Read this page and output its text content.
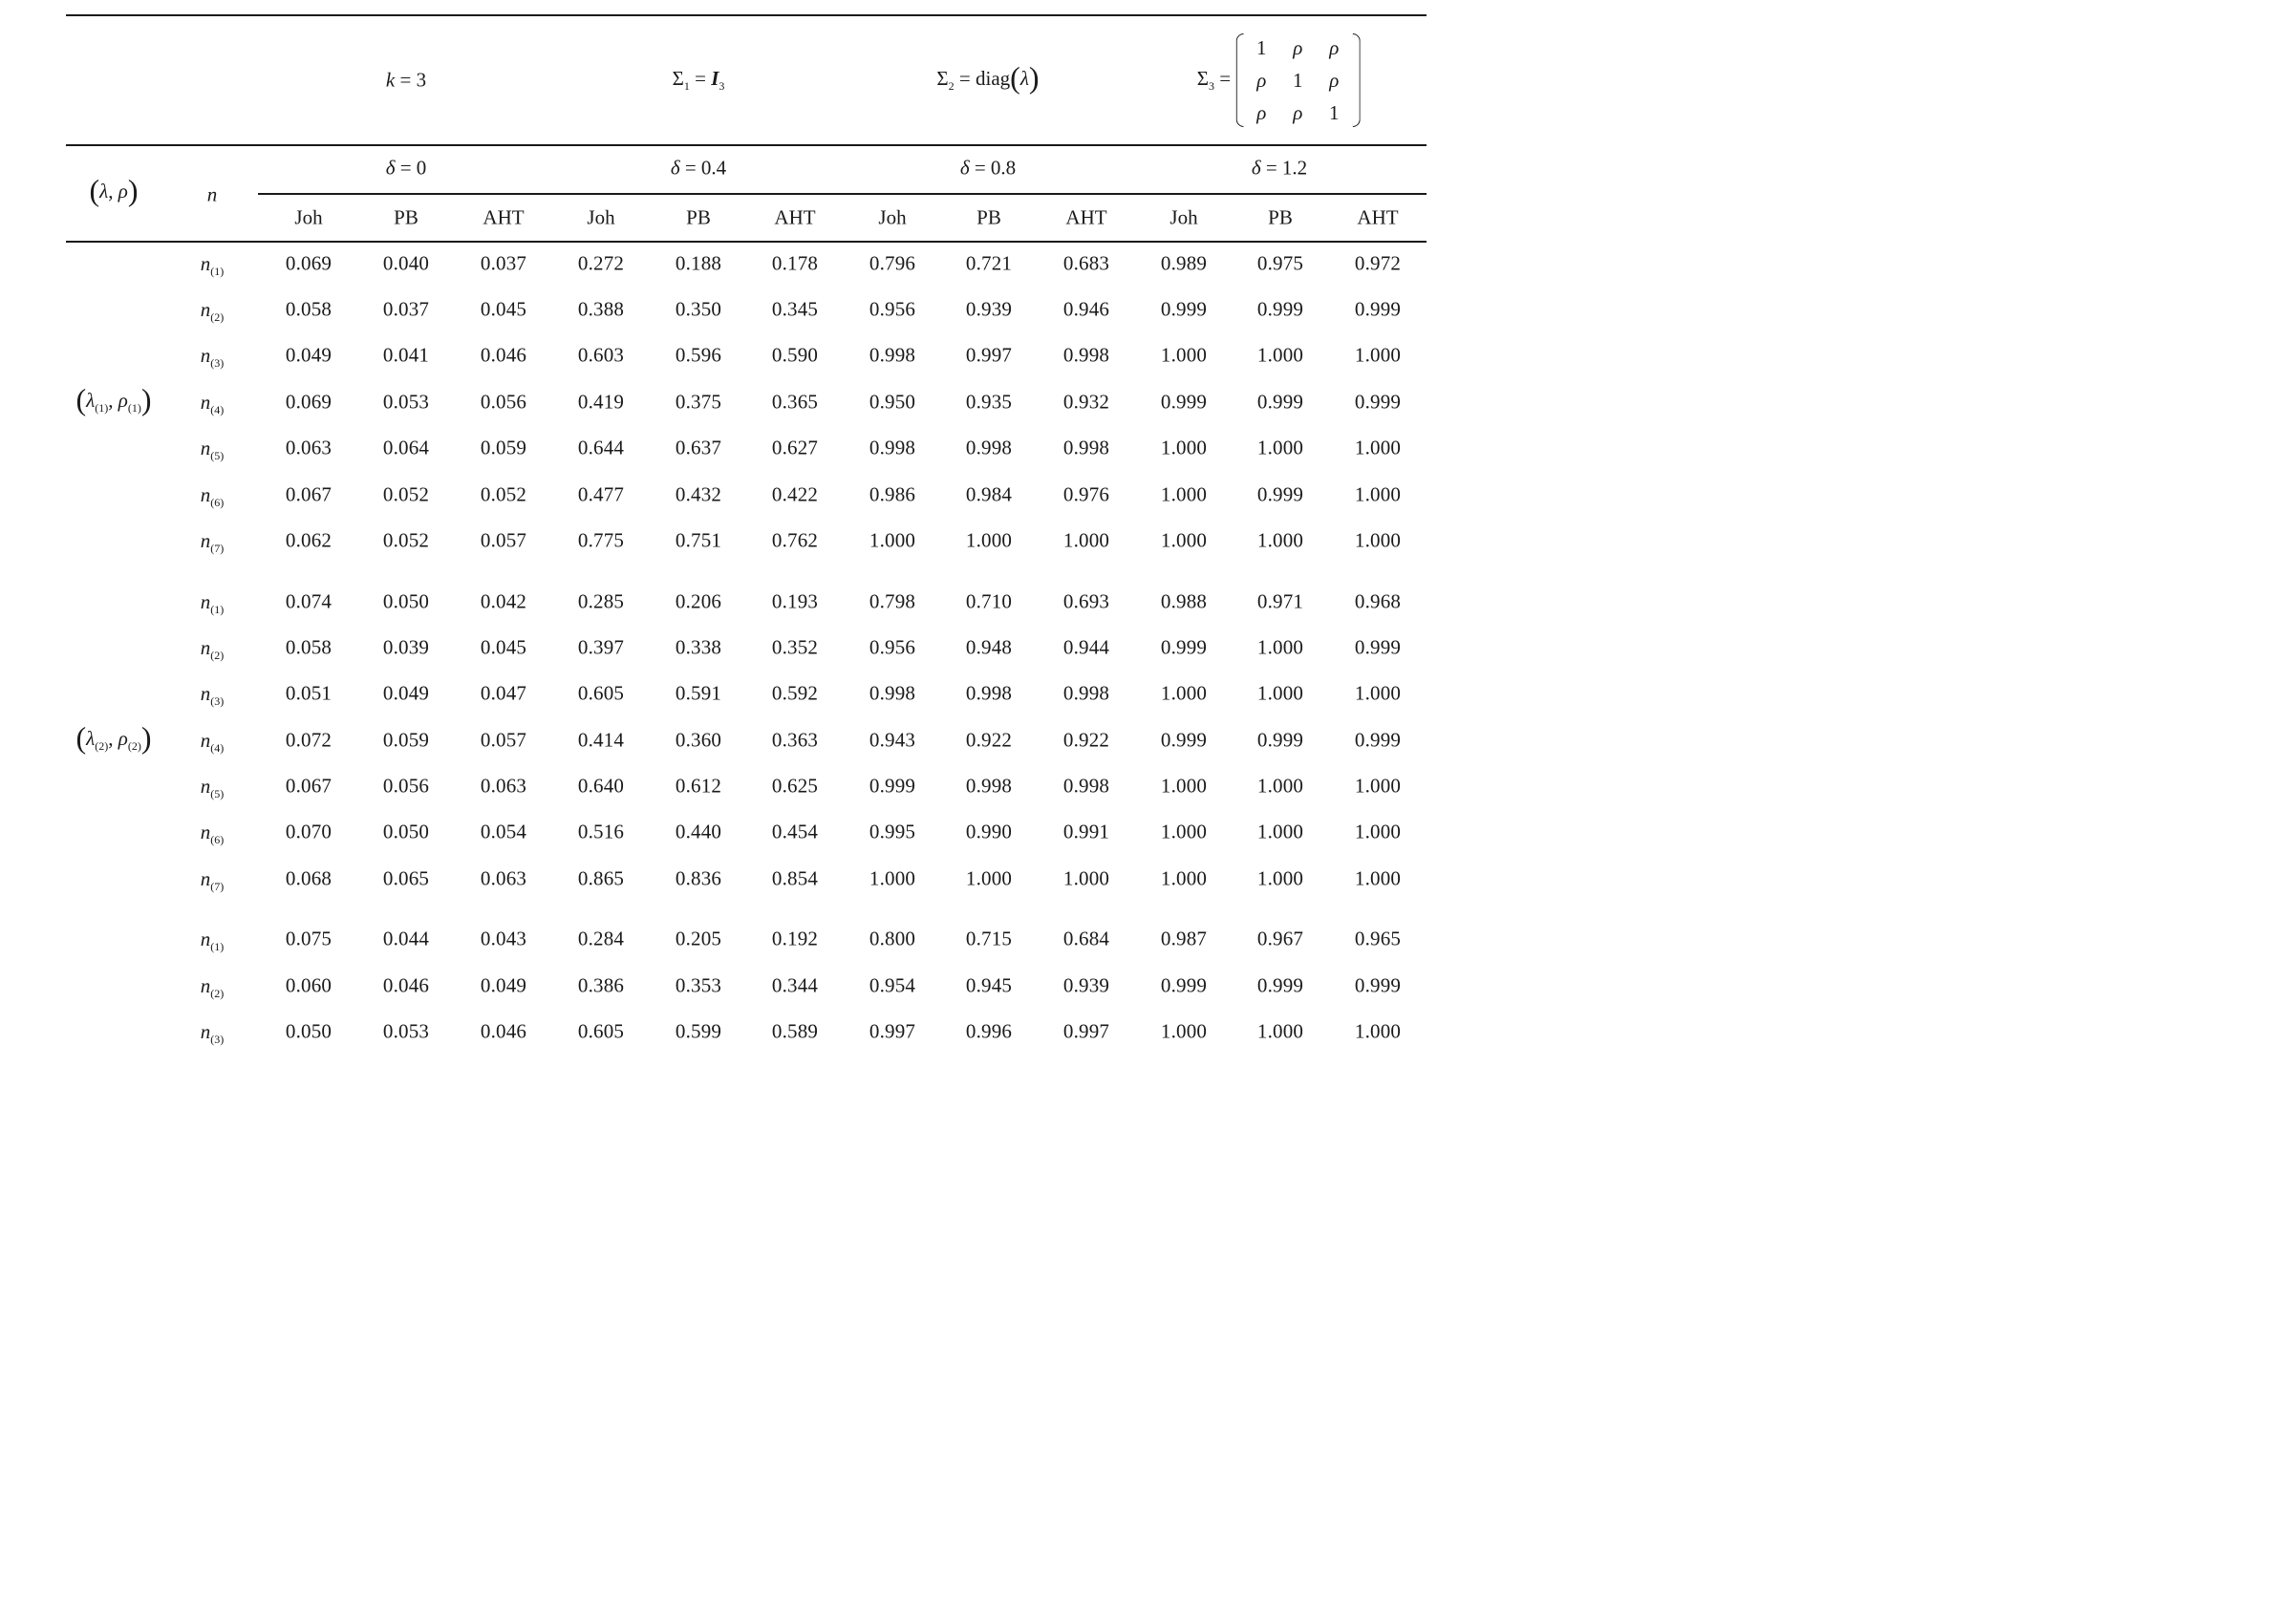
k = 3	$\Sigma_1 = I_3$	$\Sigma_2$ = diag(λ)	$\Sigma_3$ =
1 ρ ρ
ρ 1 ρ
ρ ρ 1
(λ, ρ)	n
δ = 0	δ = 0.4	δ = 0.8	δ = 1.2
Joh	PB	AHT	Joh	PB	AHT	Joh	PB	AHT	Joh	PB	AHT
($\lambda_{(1)}$, $\rho_{(1)}$)
$n_{(1)}$	0.069	0.040	0.037	0.272	0.188	0.178	0.796	0.721	0.683	0.989	0.975	0.972
$n_{(2)}$	0.058	0.037	0.045	0.388	0.350	0.345	0.956	0.939	0.946	0.999	0.999	0.999
$n_{(3)}$	0.049	0.041	0.046	0.603	0.596	0.590	0.998	0.997	0.998	1.000	1.000	1.000
$n_{(4)}$	0.069	0.053	0.056	0.419	0.375	0.365	0.950	0.935	0.932	0.999	0.999	0.999
$n_{(5)}$	0.063	0.064	0.059	0.644	0.637	0.627	0.998	0.998	0.998	1.000	1.000	1.000
$n_{(6)}$	0.067	0.052	0.052	0.477	0.432	0.422	0.986	0.984	0.976	1.000	0.999	1.000
$n_{(7)}$	0.062	0.052	0.057	0.775	0.751	0.762	1.000	1.000	1.000	1.000	1.000	1.000
($\lambda_{(2)}$, $\rho_{(2)}$)
$n_{(1)}$	0.074	0.050	0.042	0.285	0.206	0.193	0.798	0.710	0.693	0.988	0.971	0.968
$n_{(2)}$	0.058	0.039	0.045	0.397	0.338	0.352	0.956	0.948	0.944	0.999	1.000	0.999
$n_{(3)}$	0.051	0.049	0.047	0.605	0.591	0.592	0.998	0.998	0.998	1.000	1.000	1.000
$n_{(4)}$	0.072	0.059	0.057	0.414	0.360	0.363	0.943	0.922	0.922	0.999	0.999	0.999
$n_{(5)}$	0.067	0.056	0.063	0.640	0.612	0.625	0.999	0.998	0.998	1.000	1.000	1.000
$n_{(6)}$	0.070	0.050	0.054	0.516	0.440	0.454	0.995	0.990	0.991	1.000	1.000	1.000
$n_{(7)}$	0.068	0.065	0.063	0.865	0.836	0.854	1.000	1.000	1.000	1.000	1.000	1.000
$n_{(1)}$	0.075	0.044	0.043	0.284	0.205	0.192	0.800	0.715	0.684	0.987	0.967	0.965
$n_{(2)}$	0.060	0.046	0.049	0.386	0.353	0.344	0.954	0.945	0.939	0.999	0.999	0.999
$n_{(3)}$	0.050	0.053	0.046	0.605	0.599	0.589	0.997	0.996	0.997	1.000	1.000	1.000
